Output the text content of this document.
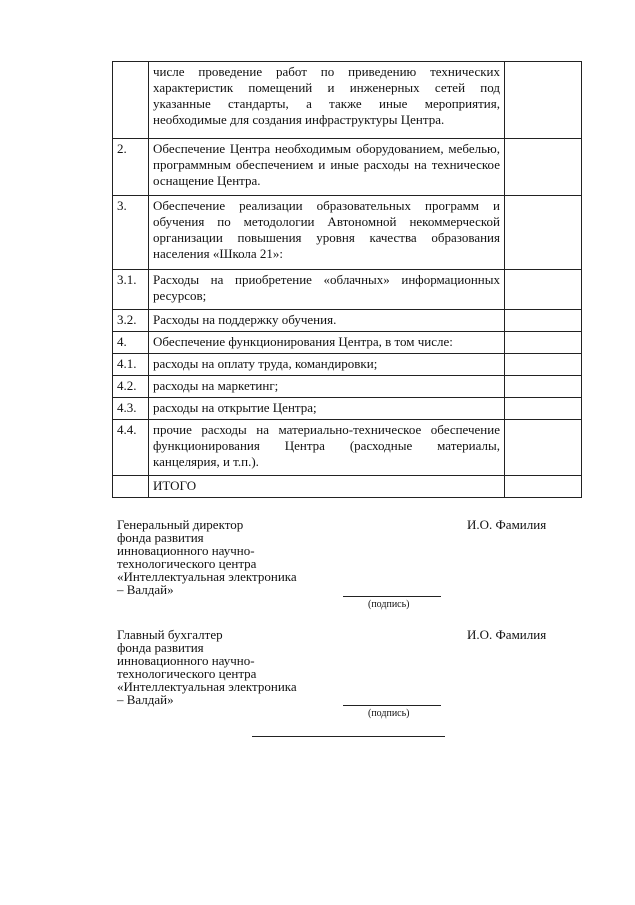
	числе проведение работ по приведению технических характеристик помещений и инженерных сетей под указанные стандарты, а также иные мероприятия, необходимые для создания инфраструктуры Центра.	
2.	Обеспечение Центра необходимым оборудованием, мебелью, программным обеспечением и иные расходы на техническое оснащение Центра.	
3.	Обеспечение реализации образовательных программ и обучения по методологии Автономной некоммерческой организации повышения уровня качества образования населения «Школа 21»:	
3.1.	Расходы на приобретение «облачных» информационных ресурсов;	
3.2.	Расходы на поддержку обучения.	
4.	Обеспечение функционирования Центра, в том числе:	
4.1.	расходы на оплату труда, командировки;	
4.2.	расходы на маркетинг;	
4.3.	расходы на открытие Центра;	
4.4.	прочие расходы на материально-техническое обеспечение функционирования Центра (расходные материалы, канцелярия, и т.п.).	
	ИТОГО	
Генеральный директор
фонда развития
инновационного научно-
технологического центра
«Интеллектуальная электроника
– Валдай»
И.О. Фамилия
(подпись)
Главный бухгалтер
фонда развития
инновационного научно-
технологического центра
«Интеллектуальная электроника
– Валдай»
И.О. Фамилия
(подпись)
